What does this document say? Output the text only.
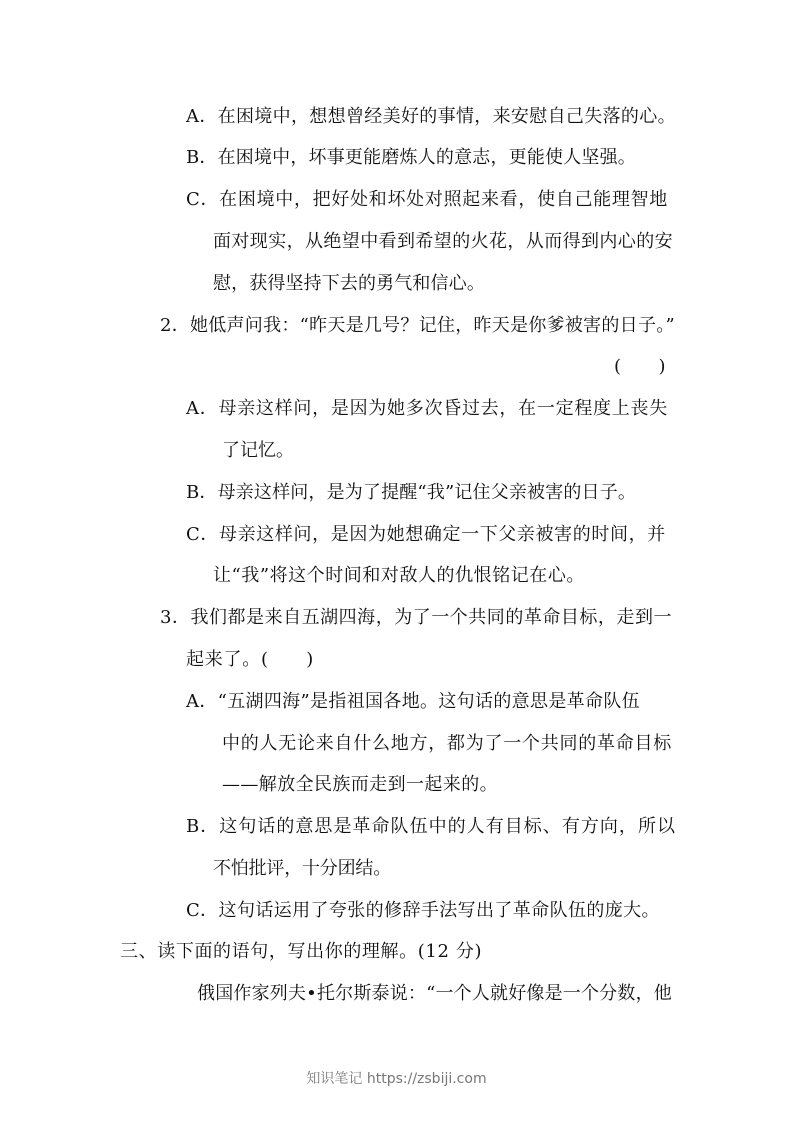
A．在困境中，想想曾经美好的事情，来安慰自己失落的心。

B．在困境中，坏事更能磨炼人的意志，更能使人坚强。

C．在困境中，把好处和坏处对照起来看，使自己能理智地

面对现实，从绝望中看到希望的火花，从而得到内心的安

慰，获得坚持下去的勇气和信心。

2．她低声问我：“昨天是几号？记住，昨天是你爹被害的日子。”

(　　)

A．母亲这样问，是因为她多次昏过去，在一定程度上丧失

了记忆。

B．母亲这样问，是为了提醒“我”记住父亲被害的日子。

C．母亲这样问，是因为她想确定一下父亲被害的时间，并

让“我”将这个时间和对敌人的仇恨铭记在心。

3．我们都是来自五湖四海，为了一个共同的革命目标，走到一

起来了。(　　)

A．“五湖四海”是指祖国各地。这句话的意思是革命队伍

中的人无论来自什么地方，都为了一个共同的革命目标

——解放全民族而走到一起来的。

B．这句话的意思是革命队伍中的人有目标、有方向，所以

不怕批评，十分团结。

C．这句话运用了夸张的修辞手法写出了革命队伍的庞大。

三、读下面的语句，写出你的理解。(12 分)

俄国作家列夫•托尔斯泰说：“一个人就好像是一个分数，他

知识笔记 https://zsbiji.com
